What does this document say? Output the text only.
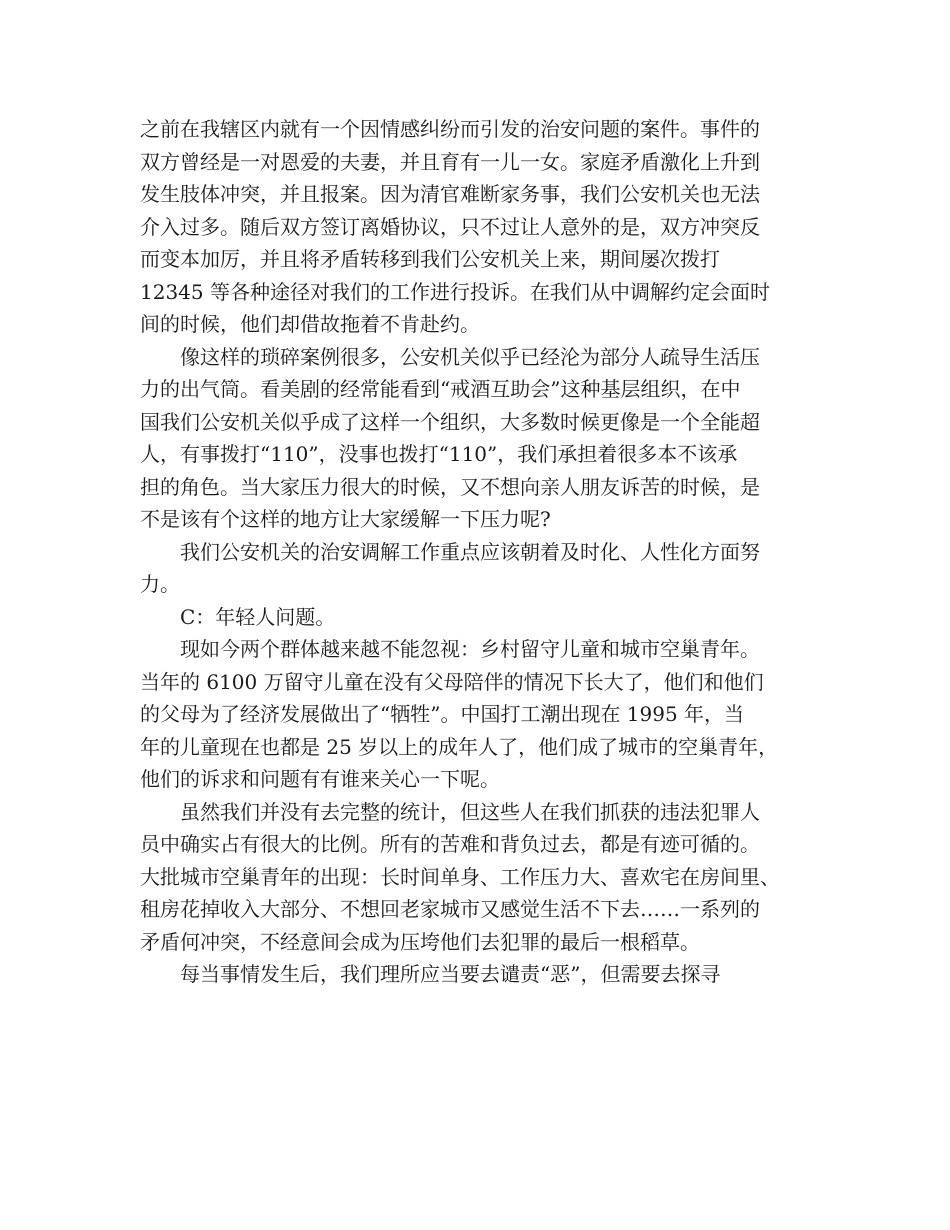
之前在我辖区内就有一个因情感纠纷而引发的治安问题的案件。事件的
双方曾经是一对恩爱的夫妻，并且育有一儿一女。家庭矛盾激化上升到
发生肢体冲突，并且报案。因为清官难断家务事，我们公安机关也无法
介入过多。随后双方签订离婚协议，只不过让人意外的是，双方冲突反
而变本加厉，并且将矛盾转移到我们公安机关上来，期间屡次拨打
12345 等各种途径对我们的工作进行投诉。在我们从中调解约定会面时
间的时候，他们却借故拖着不肯赴约。
　　像这样的琐碎案例很多，公安机关似乎已经沦为部分人疏导生活压
力的出气筒。看美剧的经常能看到“戒酒互助会”这种基层组织，在中
国我们公安机关似乎成了这样一个组织，大多数时候更像是一个全能超
人，有事拨打“110”，没事也拨打“110”，我们承担着很多本不该承
担的角色。当大家压力很大的时候，又不想向亲人朋友诉苦的时候，是
不是该有个这样的地方让大家缓解一下压力呢?
　　我们公安机关的治安调解工作重点应该朝着及时化、人性化方面努
力。
　　C：年轻人问题。
　　现如今两个群体越来越不能忽视：乡村留守儿童和城市空巢青年。
当年的 6100 万留守儿童在没有父母陪伴的情况下长大了，他们和他们
的父母为了经济发展做出了“牺牲”。中国打工潮出现在 1995 年，当
年的儿童现在也都是 25 岁以上的成年人了，他们成了城市的空巢青年，
他们的诉求和问题有有谁来关心一下呢。
　　虽然我们并没有去完整的统计，但这些人在我们抓获的违法犯罪人
员中确实占有很大的比例。所有的苦难和背负过去，都是有迹可循的。
大批城市空巢青年的出现：长时间单身、工作压力大、喜欢宅在房间里、
租房花掉收入大部分、不想回老家城市又感觉生活不下去……一系列的
矛盾何冲突，不经意间会成为压垮他们去犯罪的最后一根稻草。
　　每当事情发生后，我们理所应当要去谴责“恶”，但需要去探寻
